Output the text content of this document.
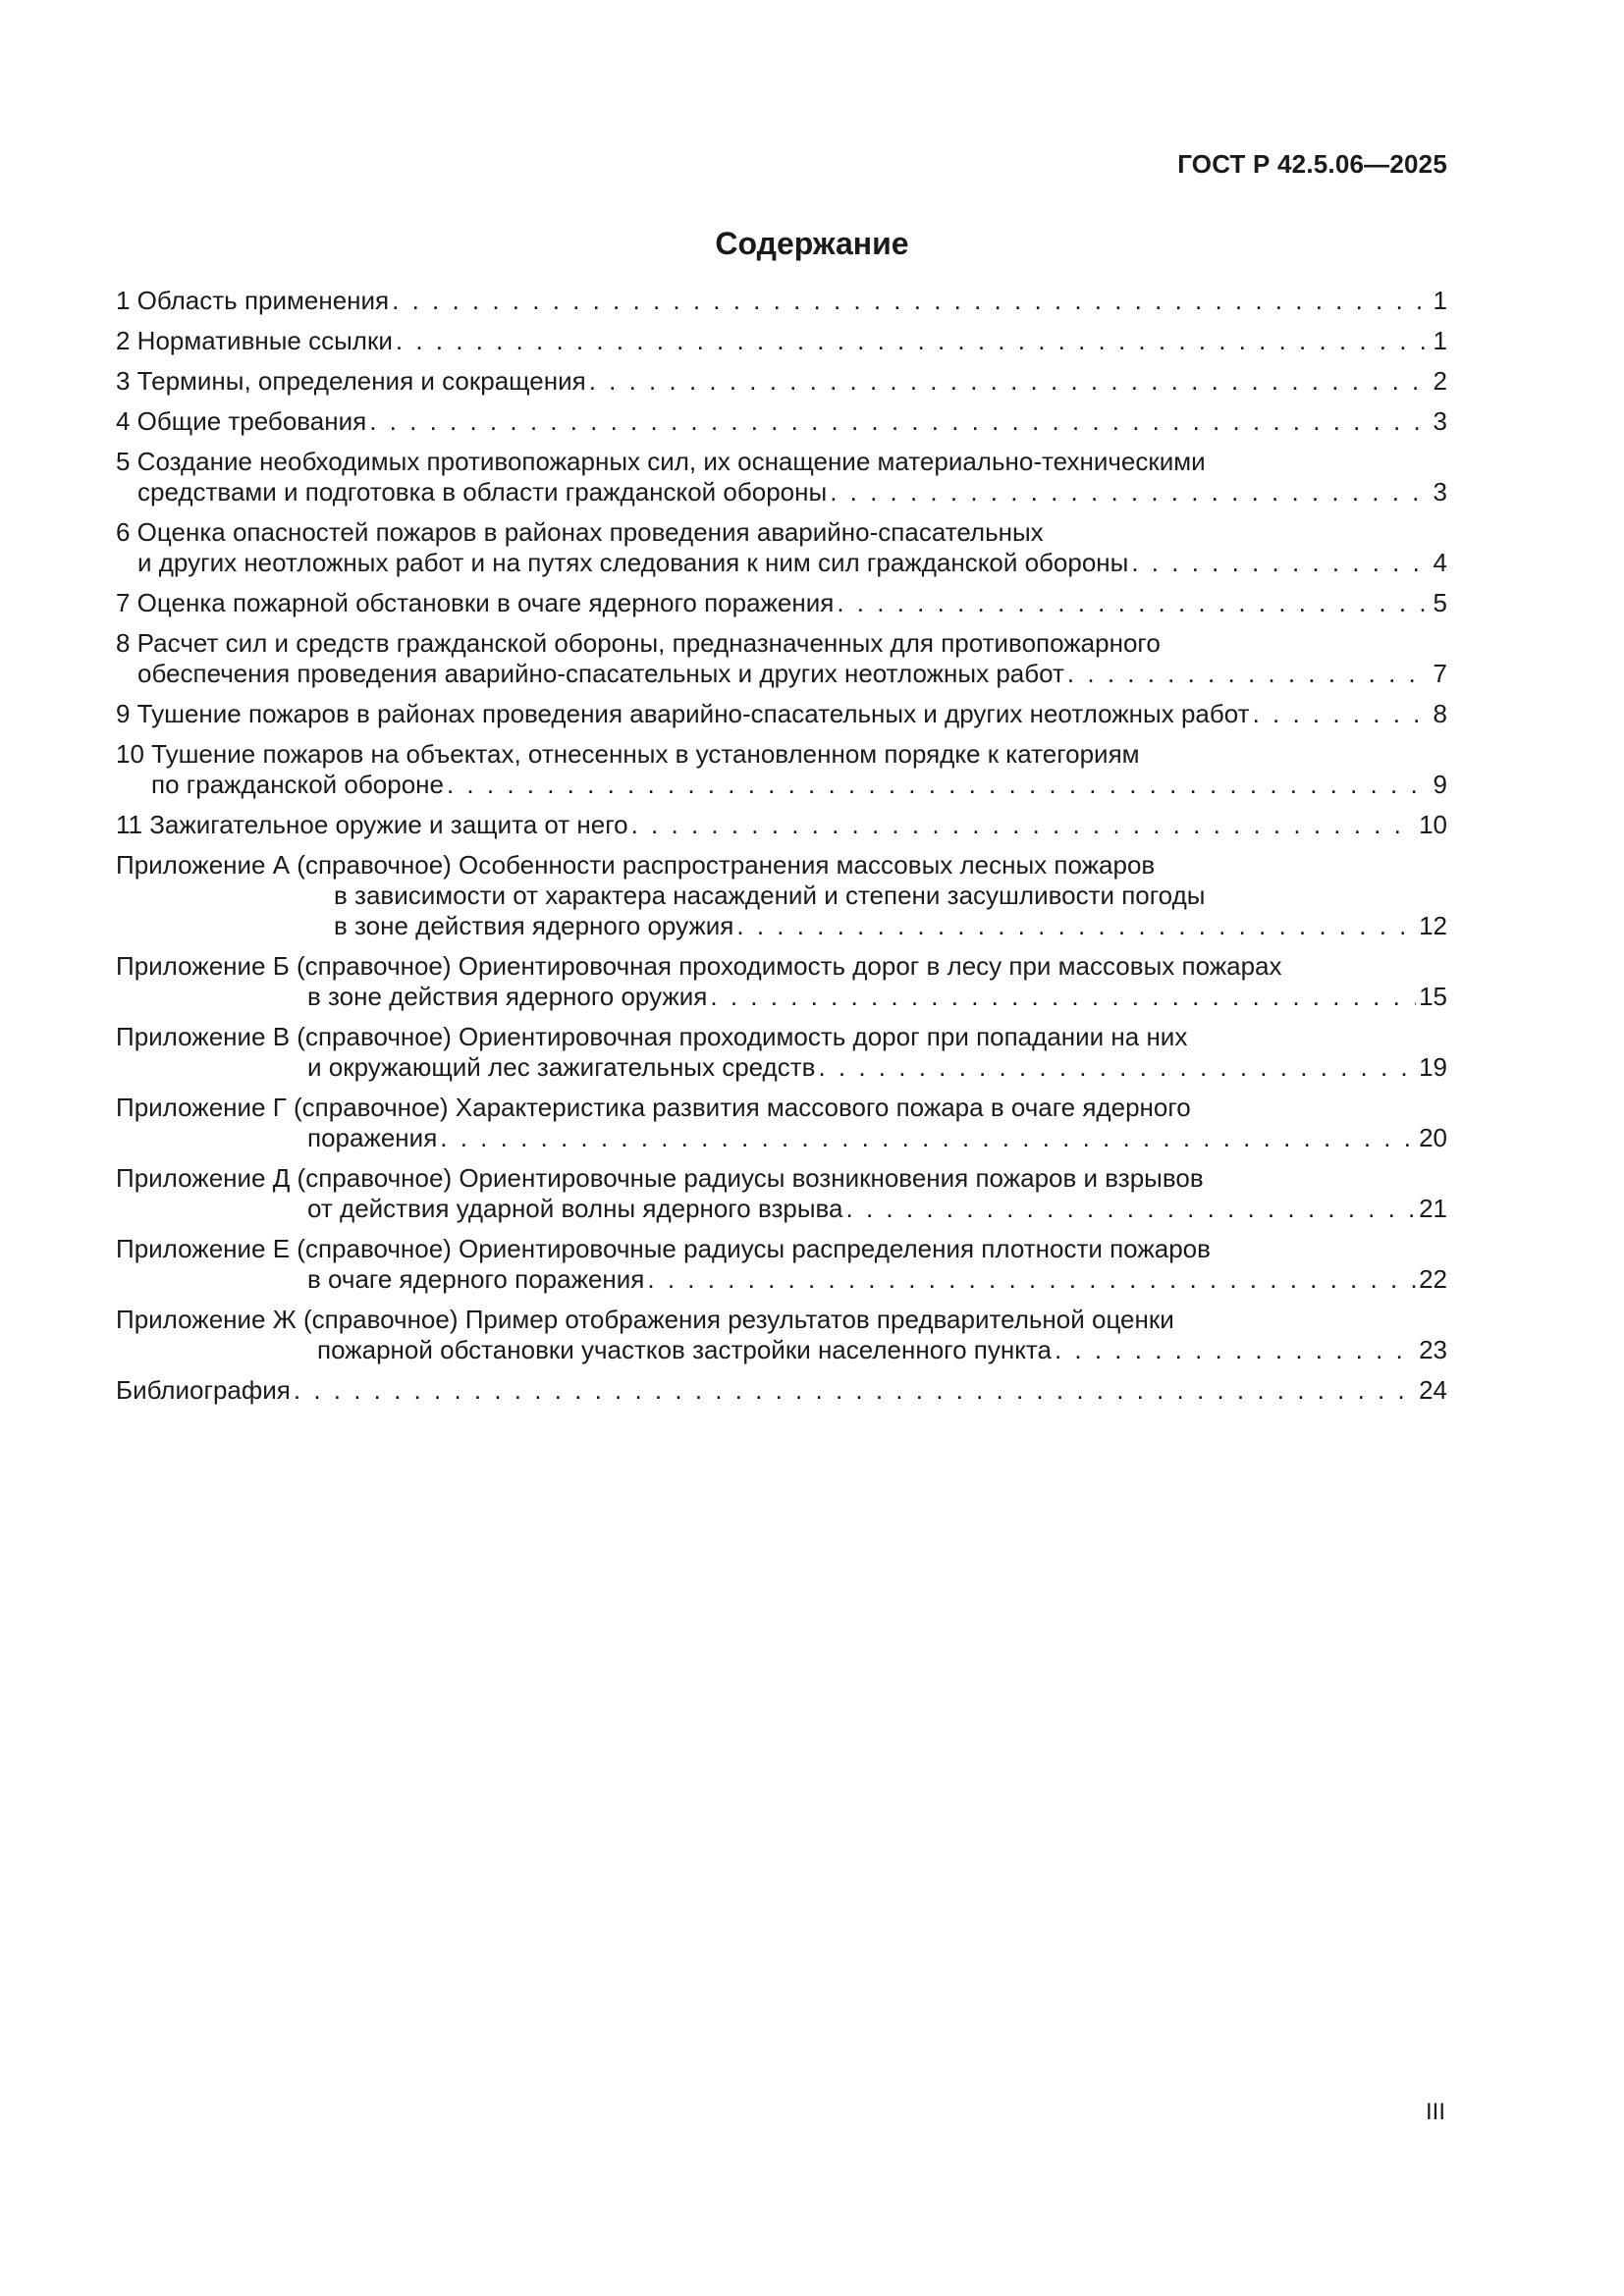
ГОСТ Р 42.5.06—2025
Содержание
1 Область применения . . .	1
2 Нормативные ссылки . . .	1
3 Термины, определения и сокращения . . .	2
4 Общие требования . . .	3
5 Создание необходимых противопожарных сил, их оснащение материально-техническими
средствами и подготовка в области гражданской обороны . . .	3
6 Оценка опасностей пожаров в районах проведения аварийно-спасательных
и других неотложных работ и на путях следования к ним сил гражданской обороны . . .	4
7 Оценка пожарной обстановки в очаге ядерного поражения . . .	5
8 Расчет сил и средств гражданской обороны, предназначенных для противопожарного
обеспечения проведения аварийно-спасательных и других неотложных работ . . .	7
9 Тушение пожаров в районах проведения аварийно-спасательных и других неотложных работ . . .	8
10 Тушение пожаров на объектах, отнесенных в установленном порядке к категориям
по гражданской обороне . . .	9
11 Зажигательное оружие и защита от него . . .	10
Приложение А (справочное) Особенности распространения массовых лесных пожаров
в зависимости от характера насаждений и степени засушливости погоды
в зоне действия ядерного оружия . . .	12
Приложение Б (справочное) Ориентировочная проходимость дорог в лесу при массовых пожарах
в зоне действия ядерного оружия . . .	15
Приложение В (справочное) Ориентировочная проходимость дорог при попадании на них
и окружающий лес зажигательных средств . . .	19
Приложение Г (справочное) Характеристика развития массового пожара в очаге ядерного
поражения . . .	20
Приложение Д (справочное) Ориентировочные радиусы возникновения пожаров и взрывов
от действия ударной волны ядерного взрыва . . .	21
Приложение Е (справочное) Ориентировочные радиусы распределения плотности пожаров
в очаге ядерного поражения . . .	22
Приложение Ж (справочное) Пример отображения результатов предварительной оценки
пожарной обстановки участков застройки населенного пункта . . .	23
Библиография . . .	24
III
